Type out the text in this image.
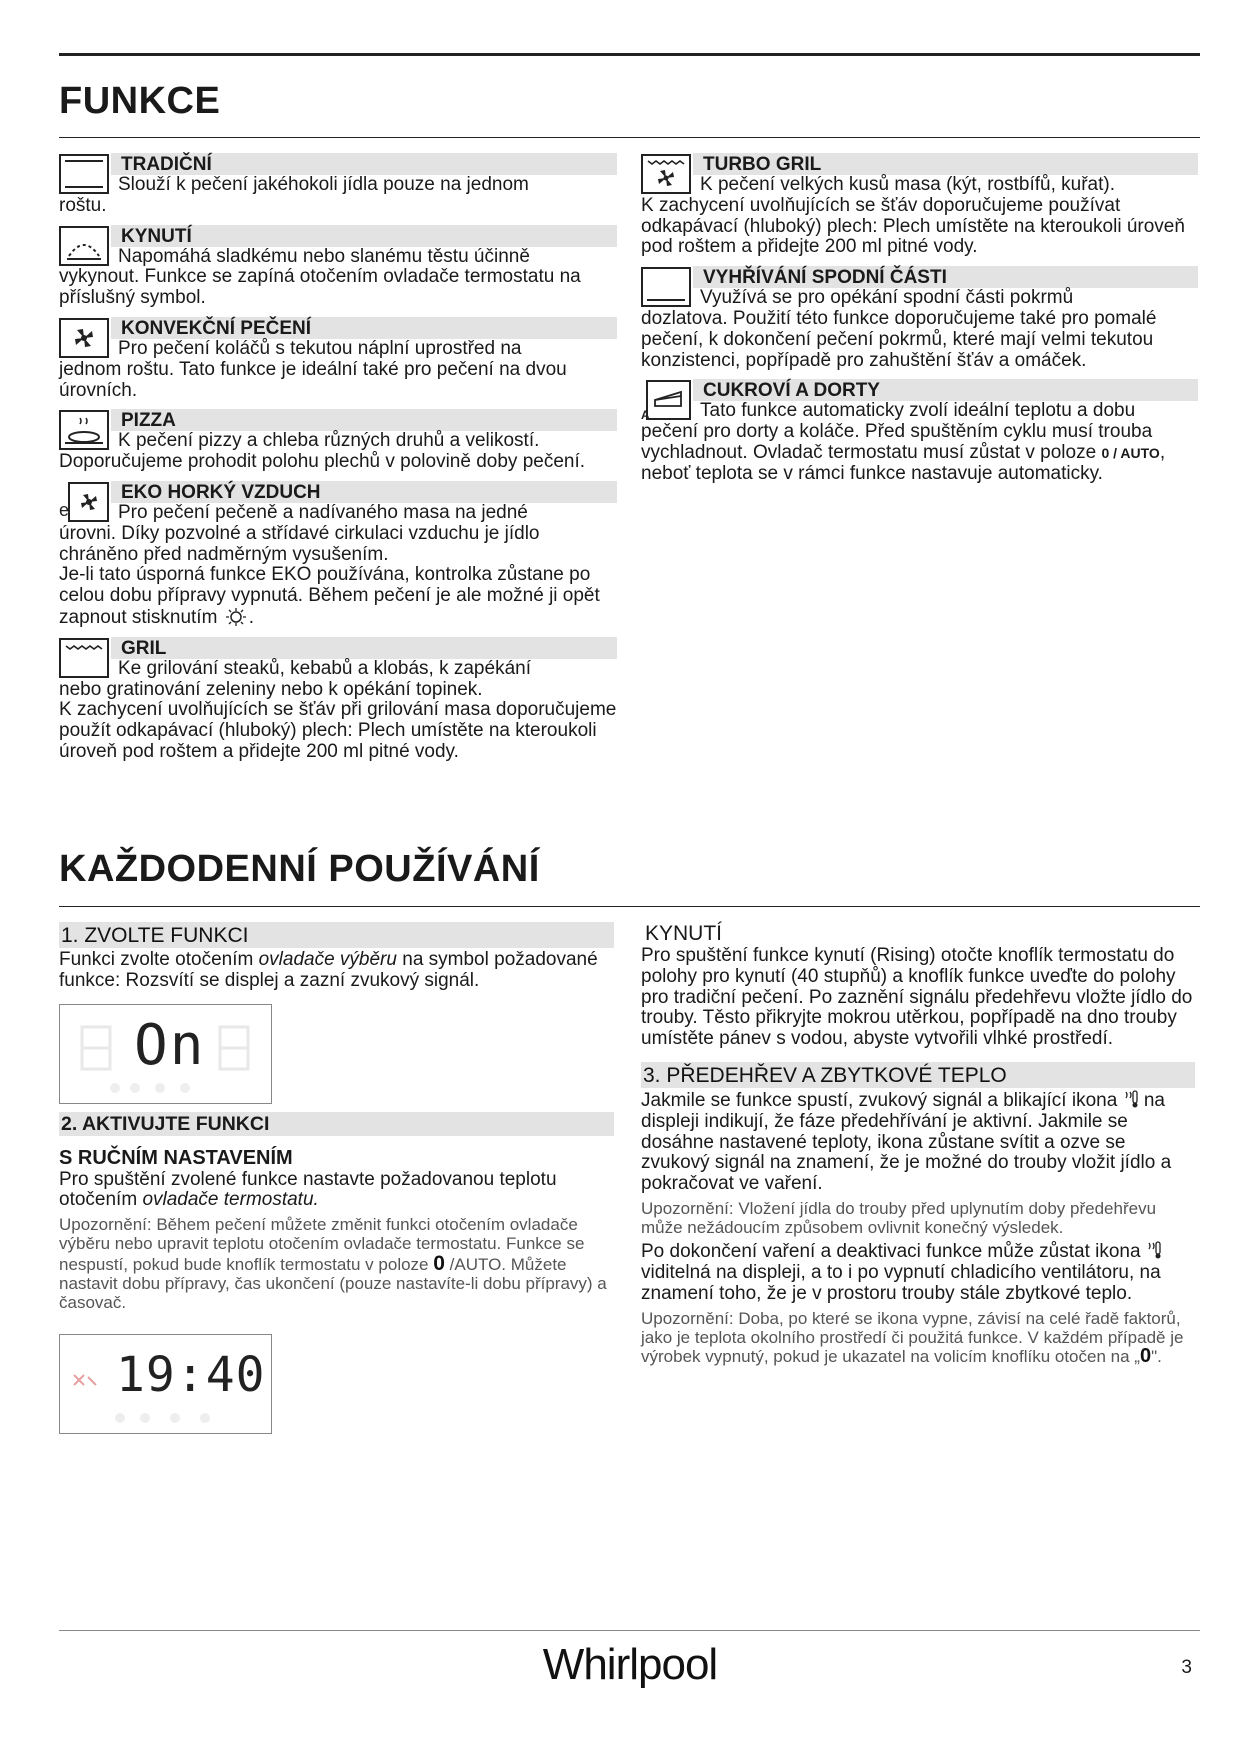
FUNKCE
TRADIČNÍ
Slouží k pečení jakéhokoli jídla pouze na jednom
roštu.
KYNUTÍ
Napomáhá sladkému nebo slanému těstu účinně
vykynout. Funkce se zapíná otočením ovladače termostatu na příslušný symbol.
KONVEKČNÍ PEČENÍ
Pro pečení koláčů s tekutou náplní uprostřed na
jednom roštu. Tato funkce je ideální také pro pečení na dvou úrovních.
PIZZA
K pečení pizzy a chleba různých druhů a velikostí.
Doporučujeme prohodit polohu plechů v polovině doby pečení.
e
EKO HORKÝ VZDUCH
Pro pečení pečeně a nadívaného masa na jedné
úrovni. Díky pozvolné a střídavé cirkulaci vzduchu je jídlo chráněno před nadměrným vysušením.
Je-li tato úsporná funkce EKO používána, kontrolka zůstane po celou dobu přípravy vypnutá. Během pečení je ale možné ji opět zapnout stisknutím .
GRIL
Ke grilování steaků, kebabů a klobás, k zapékání
nebo gratinování zeleniny nebo k opékání topinek.
K zachycení uvolňujících se šťáv při grilování masa doporučujeme použít odkapávací (hluboký) plech: Plech umístěte na kteroukoli úroveň pod roštem a přidejte 200 ml pitné vody.
TURBO GRIL
K pečení velkých kusů masa (kýt, rostbífů, kuřat).
K zachycení uvolňujících se šťáv doporučujeme používat odkapávací (hluboký) plech: Plech umístěte na kteroukoli úroveň pod roštem a přidejte 200 ml pitné vody.
VYHŘÍVÁNÍ SPODNÍ ČÁSTI
Využívá se pro opékání spodní části pokrmů
dozlatova. Použití této funkce doporučujeme také pro pomalé pečení, k dokončení pečení pokrmů, které mají velmi tekutou konzistenci, popřípadě pro zahuštění šťáv a omáček.
A
CUKROVÍ A DORTY
Tato funkce automaticky zvolí ideální teplotu a dobu
pečení pro dorty a koláče. Před spuštěním cyklu musí trouba vychladnout. Ovladač termostatu musí zůstat v poloze 0 / AUTO, neboť teplota se v rámci funkce nastavuje automaticky.
KAŽDODENNÍ POUŽÍVÁNÍ
1. ZVOLTE FUNKCI
Funkci zvolte otočením ovladače výběru na symbol požadované funkce: Rozsvítí se displej a zazní zvukový signál.
On
2. AKTIVUJTE FUNKCI
S RUČNÍM NASTAVENÍM
Pro spuštění zvolené funkce nastavte požadovanou teplotu otočením ovladače termostatu.
Upozornění: Během pečení můžete změnit funkci otočením ovladače výběru nebo upravit teplotu otočením ovladače termostatu. Funkce se nespustí, pokud bude knoflík termostatu v poloze 0 /AUTO. Můžete nastavit dobu přípravy, čas ukončení (pouze nastavíte-li dobu přípravy) a časovač.
19:40
KYNUTÍ
Pro spuštění funkce kynutí (Rising) otočte knoflík termostatu do polohy pro kynutí (40 stupňů) a knoflík funkce uveďte do polohy pro tradiční pečení. Po zaznění signálu předehřevu vložte jídlo do trouby. Těsto přikryjte mokrou utěrkou, popřípadě na dno trouby umístěte pánev s vodou, abyste vytvořili vlhké prostředí.
3. PŘEDEHŘEV A ZBYTKOVÉ TEPLO
Jakmile se funkce spustí, zvukový signál a blikající ikona na displeji indikují, že fáze předehřívání je aktivní. Jakmile se dosáhne nastavené teploty, ikona zůstane svítit a ozve se zvukový signál na znamení, že je možné do trouby vložit jídlo a pokračovat ve vaření.
Upozornění: Vložení jídla do trouby před uplynutím doby předehřevu může nežádoucím způsobem ovlivnit konečný výsledek.
Po dokončení vaření a deaktivaci funkce může zůstat ikona  viditelná na displeji, a to i po vypnutí chladicího ventilátoru, na znamení toho, že je v prostoru trouby stále zbytkové teplo.
Upozornění: Doba, po které se ikona vypne, závisí na celé řadě faktorů, jako je teplota okolního prostředí či použitá funkce. V každém případě je výrobek vypnutý, pokud je ukazatel na volicím knoflíku otočen na „0".
Whirlpool	3
